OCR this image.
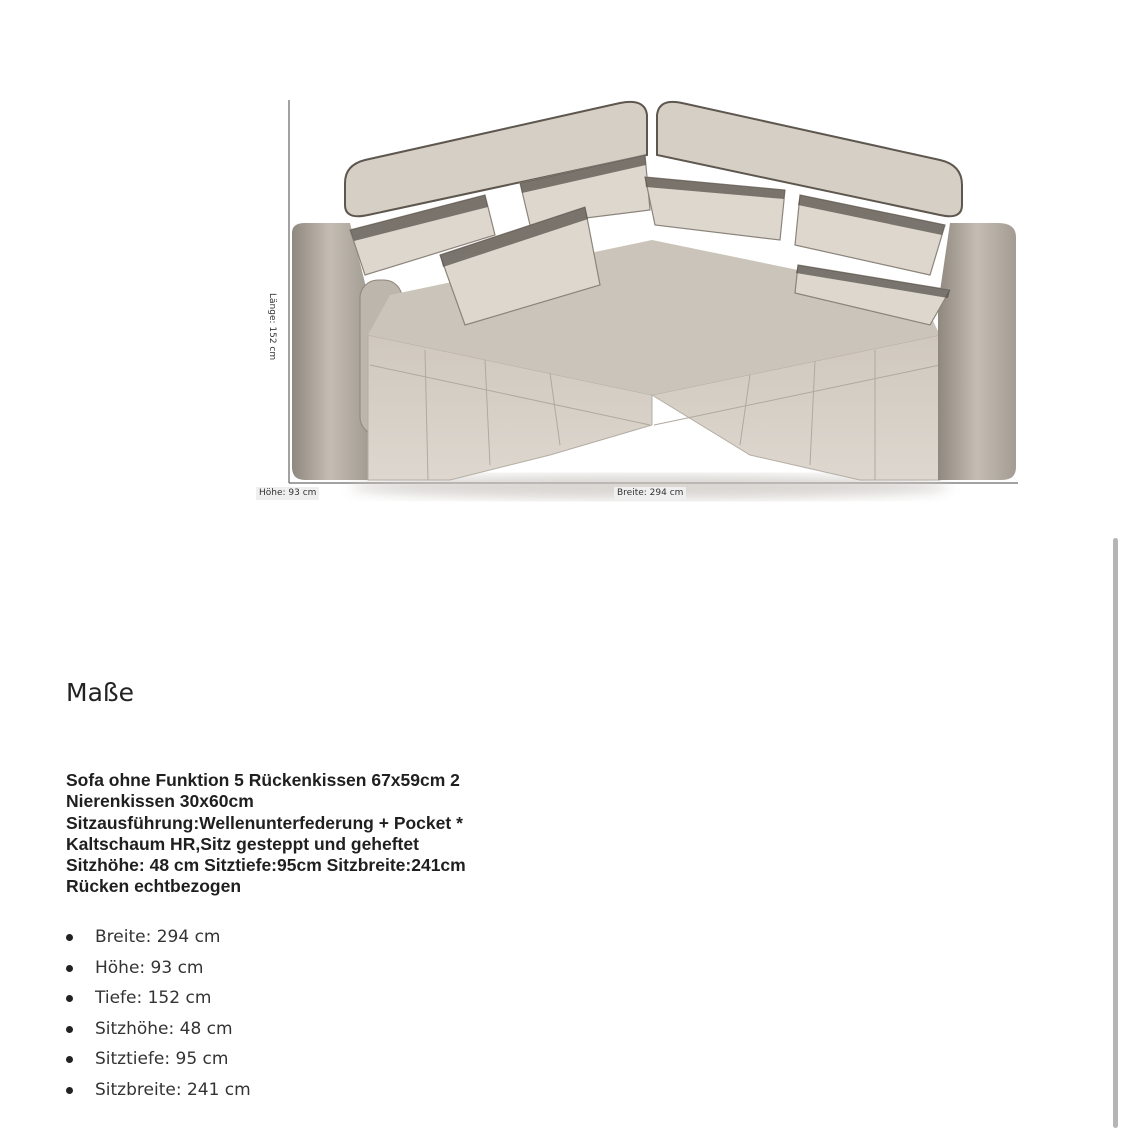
Höhe: 93 cm	Breite: 294 cm
Länge: 152 cm
Maße

Sofa ohne Funktion 5 Rückenkissen 67x59cm 2 Nierenkissen 30x60cm Sitzausführung:Wellenunterfederung + Pocket * Kaltschaum HR,Sitz gesteppt und geheftet Sitzhöhe: 48 cm Sitztiefe:95cm Sitzbreite:241cm Rücken echtbezogen

Breite: 294 cm
Höhe: 93 cm
Tiefe: 152 cm
Sitzhöhe: 48 cm
Sitztiefe: 95 cm
Sitzbreite: 241 cm
